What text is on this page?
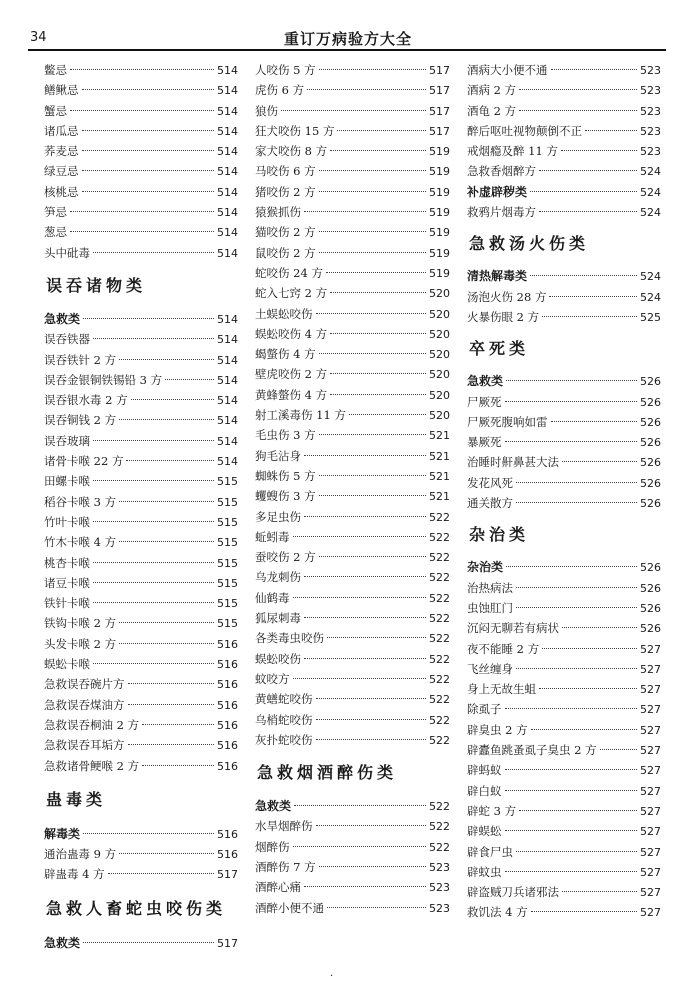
34	重订万病验方大全
鳖忌	514
鳝鳅忌	514
蟹忌	514
诸瓜忌	514
荞麦忌	514
绿豆忌	514
核桃忌	514
笋忌	514
葱忌	514
头中砒毒	514
误吞诸物类
急救类	514
误吞铁器	514
误吞铁针 2 方	514
误吞金银铜铁锡铅 3 方	514
误吞银水毒 2 方	514
误吞铜钱 2 方	514
误吞玻璃	514
诸骨卡喉 22 方	514
田螺卡喉	515
稻谷卡喉 3 方	515
竹叶卡喉	515
竹木卡喉 4 方	515
桃杏卡喉	515
诸豆卡喉	515
铁针卡喉	515
铁钩卡喉 2 方	515
头发卡喉 2 方	516
蜈蚣卡喉	516
急救误吞碗片方	516
急救误吞煤油方	516
急救误吞桐油 2 方	516
急救误吞耳垢方	516
急救诸骨鲠喉 2 方	516
蛊毒类
解毒类	516
通治蛊毒 9 方	516
辟蛊毒 4 方	517
急救人畜蛇虫咬伤类
急救类	517
人咬伤 5 方	517
虎伤 6 方	517
狼伤	517
狂犬咬伤 15 方	517
家犬咬伤 8 方	519
马咬伤 6 方	519
猪咬伤 2 方	519
猿猴抓伤	519
猫咬伤 2 方	519
鼠咬伤 2 方	519
蛇咬伤 24 方	519
蛇入七窍 2 方	520
土蜈蚣咬伤	520
蜈蚣咬伤 4 方	520
蝎螫伤 4 方	520
壁虎咬伤 2 方	520
黄蜂螫伤 4 方	520
射工溪毒伤 11 方	520
毛虫伤 3 方	521
狗毛沾身	521
蜘蛛伤 5 方	521
蠼螋伤 3 方	521
多足虫伤	522
蚯蚓毒	522
蚕咬伤 2 方	522
乌龙刺伤	522
仙鹤毒	522
狐尿刺毒	522
各类毒虫咬伤	522
蜈蚣咬伤	522
蚊咬方	522
黄蟮蛇咬伤	522
乌梢蛇咬伤	522
灰扑蛇咬伤	522
急救烟酒醉伤类
急救类	522
水旱烟醉伤	522
烟醉伤	522
酒醉伤 7 方	523
酒醉心痛	523
酒醉小便不通	523
酒病大小便不通	523
酒病 2 方	523
酒龟 2 方	523
醉后呕吐视物颠倒不正	523
戒烟瘾及醉 11 方	523
急救香烟醉方	524
补虚辟秽类	524
救鸦片烟毒方	524
急救汤火伤类
清热解毒类	524
汤泡火伤 28 方	524
火暴伤眼 2 方	525
卒死类
急救类	526
尸厥死	526
尸厥死腹响如雷	526
暴厥死	526
治睡时鼾鼻甚大法	526
发花风死	526
通关散方	526
杂治类
杂治类	526
治热病法	526
虫蚀肛门	526
沉闷无聊若有病状	526
夜不能睡 2 方	527
飞丝缠身	527
身上无故生蛆	527
除虱子	527
辟臭虫 2 方	527
辟蠹鱼跳蚤虱子臭虫 2 方	527
辟蚂蚁	527
辟白蚁	527
辟蛇 3 方	527
辟蜈蚣	527
辟食尸虫	527
辟蚊虫	527
辟盗贼刀兵诸邪法	527
救饥法 4 方	527
·
